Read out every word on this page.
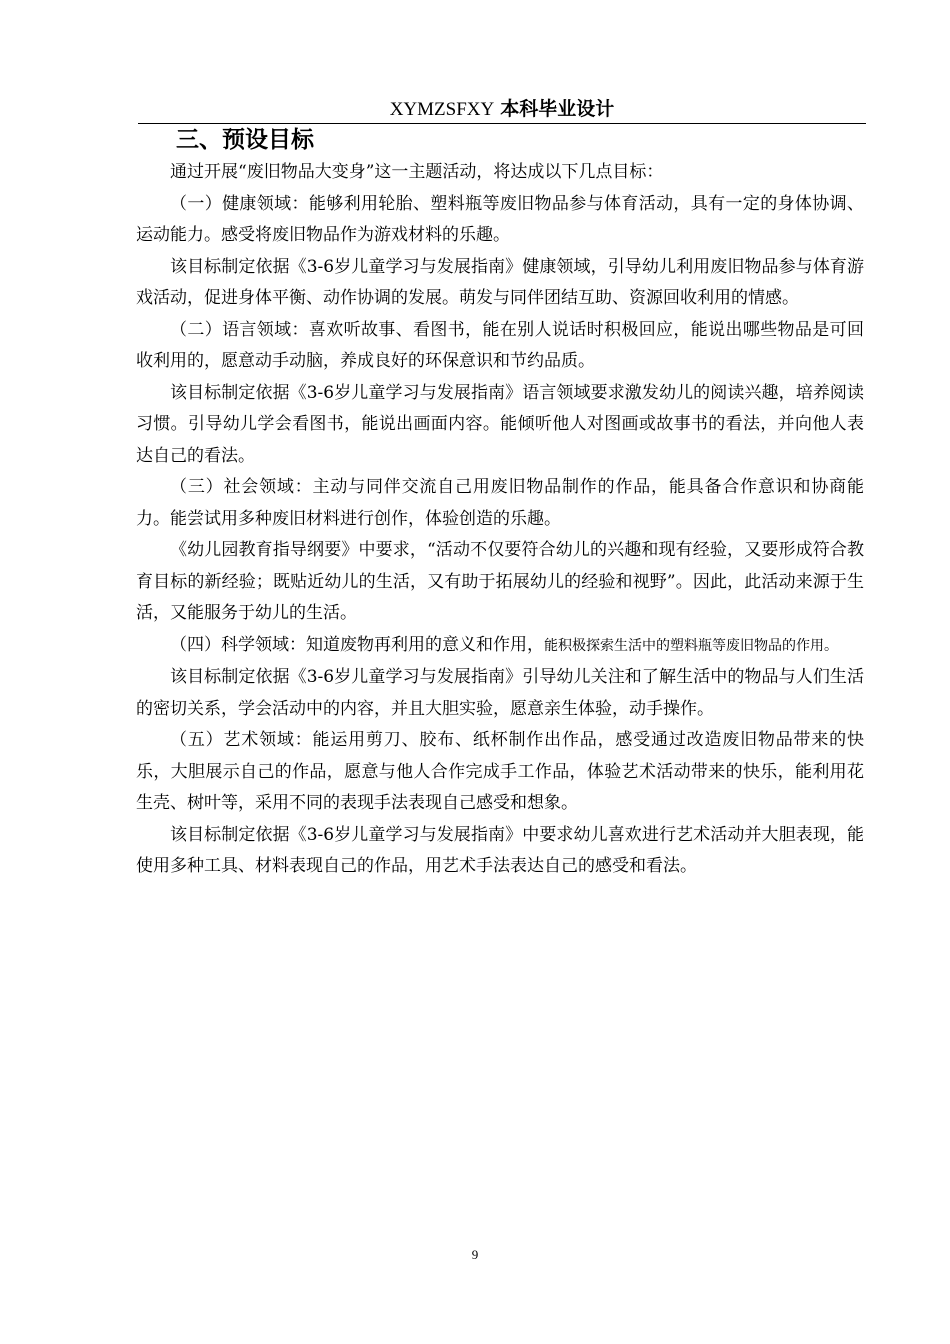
XYMZSFXY 本科毕业设计
三、预设目标

通过开展“废旧物品大变身”这一主题活动，将达成以下几点目标：

（一）健康领域：能够利用轮胎、塑料瓶等废旧物品参与体育活动，具有一定的身体协调、运动能力。感受将废旧物品作为游戏材料的乐趣。

该目标制定依据《3-6岁儿童学习与发展指南》健康领域，引导幼儿利用废旧物品参与体育游戏活动，促进身体平衡、动作协调的发展。萌发与同伴团结互助、资源回收利用的情感。

（二）语言领域：喜欢听故事、看图书，能在别人说话时积极回应，能说出哪些物品是可回收利用的，愿意动手动脑，养成良好的环保意识和节约品质。

该目标制定依据《3-6岁儿童学习与发展指南》语言领域要求激发幼儿的阅读兴趣，培养阅读习惯。引导幼儿学会看图书，能说出画面内容。能倾听他人对图画或故事书的看法，并向他人表达自己的看法。

（三）社会领域：主动与同伴交流自己用废旧物品制作的作品，能具备合作意识和协商能力。能尝试用多种废旧材料进行创作，体验创造的乐趣。

《幼儿园教育指导纲要》中要求，“活动不仅要符合幼儿的兴趣和现有经验，又要形成符合教育目标的新经验；既贴近幼儿的生活，又有助于拓展幼儿的经验和视野”。因此，此活动来源于生活，又能服务于幼儿的生活。

（四）科学领域：知道废物再利用的意义和作用，能积极探索生活中的塑料瓶等废旧物品的作用。

该目标制定依据《3-6岁儿童学习与发展指南》引导幼儿关注和了解生活中的物品与人们生活的密切关系，学会活动中的内容，并且大胆实验，愿意亲生体验，动手操作。

（五）艺术领域：能运用剪刀、胶布、纸杯制作出作品，感受通过改造废旧物品带来的快乐，大胆展示自己的作品，愿意与他人合作完成手工作品，体验艺术活动带来的快乐，能利用花生壳、树叶等，采用不同的表现手法表现自己感受和想象。

该目标制定依据《3-6岁儿童学习与发展指南》中要求幼儿喜欢进行艺术活动并大胆表现，能使用多种工具、材料表现自己的作品，用艺术手法表达自己的感受和看法。

9
